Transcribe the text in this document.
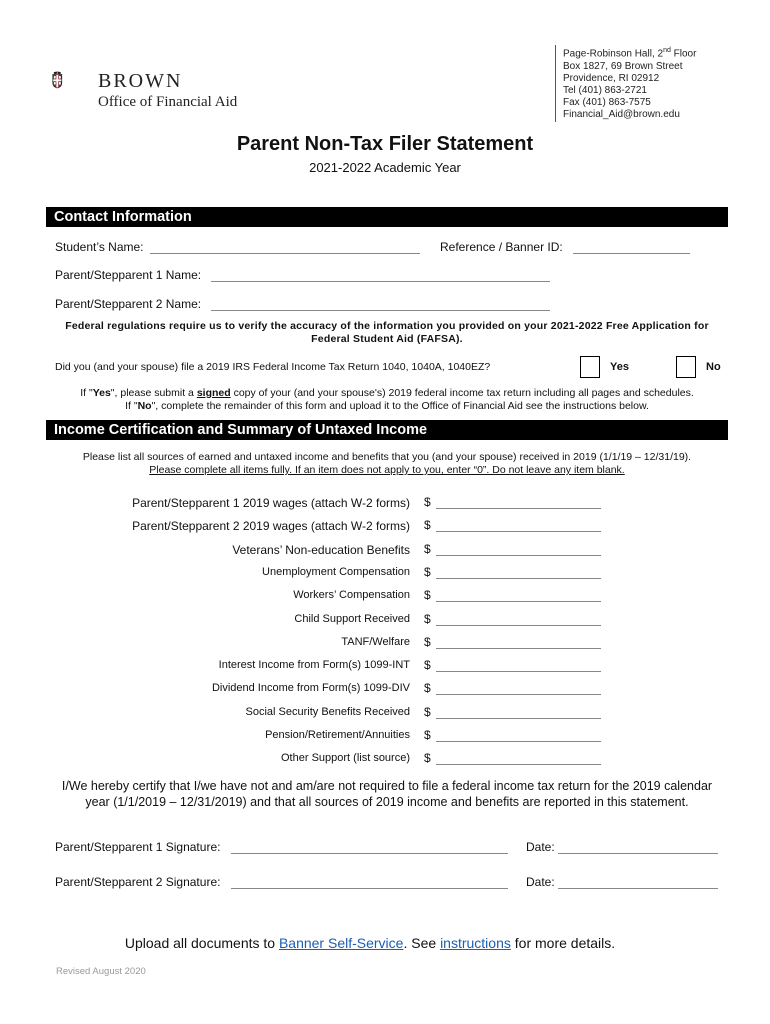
BROWN
Office of Financial Aid
Page-Robinson Hall, 2nd Floor
Box 1827, 69 Brown Street
Providence, RI 02912
Tel (401) 863-2721
Fax (401) 863-7575
Financial_Aid@brown.edu
Parent Non-Tax Filer Statement
2021-2022 Academic Year
Contact Information
Student’s Name:	Reference / Banner ID:
Parent/Stepparent 1 Name:
Parent/Stepparent 2 Name:
Federal regulations require us to verify the accuracy of the information you provided on your 2021-2022 Free Application for Federal Student Aid (FAFSA).
Did you (and your spouse) file a 2019 IRS Federal Income Tax Return 1040, 1040A, 1040EZ?	Yes	No
If "Yes", please submit a signed copy of your (and your spouse's) 2019 federal income tax return including all pages and schedules.
If "No", complete the remainder of this form and upload it to the Office of Financial Aid see the instructions below.
Income Certification and Summary of Untaxed Income
Please list all sources of earned and untaxed income and benefits that you (and your spouse) received in 2019 (1/1/19 – 12/31/19).
Please complete all items fully. If an item does not apply to you, enter “0”. Do not leave any item blank.
Parent/Stepparent 1 2019 wages (attach W-2 forms) $
Parent/Stepparent 2 2019 wages (attach W-2 forms) $
Veterans’ Non-education Benefits $
Unemployment Compensation $
Workers’ Compensation $
Child Support Received $
TANF/Welfare $
Interest Income from Form(s) 1099-INT $
Dividend Income from Form(s) 1099-DIV $
Social Security Benefits Received $
Pension/Retirement/Annuities $
Other Support (list source) $
I/We hereby certify that I/we have not and am/are not required to file a federal income tax return for the 2019 calendar
year (1/1/2019 – 12/31/2019) and that all sources of 2019 income and benefits are reported in this statement.
Parent/Stepparent 1 Signature:	Date:
Parent/Stepparent 2 Signature:	Date:
Upload all documents to Banner Self-Service. See instructions for more details.
Revised August 2020
